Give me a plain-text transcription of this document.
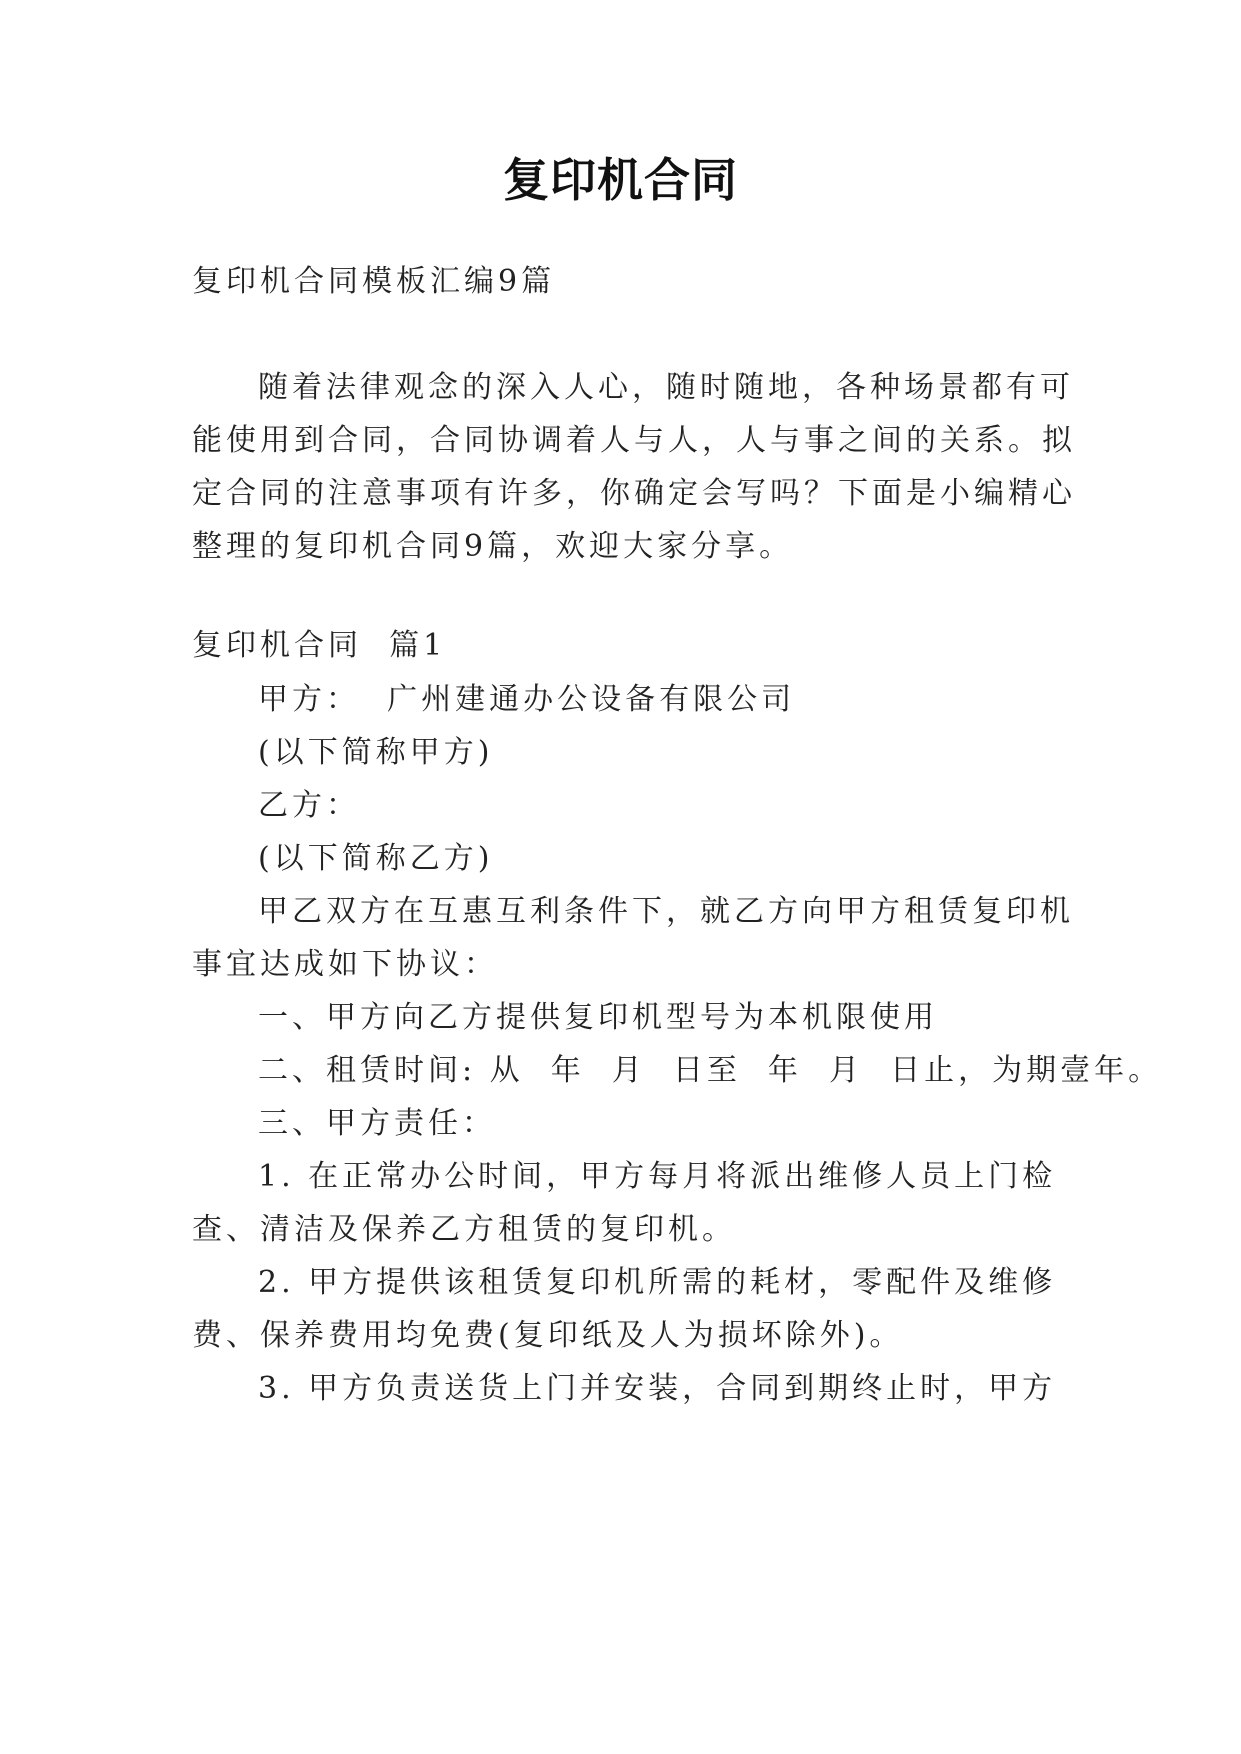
复印机合同

复印机合同模板汇编9篇

随着法律观念的深入人心，随时随地，各种场景都有可

能使用到合同，合同协调着人与人，人与事之间的关系。拟

定合同的注意事项有许多，你确定会写吗？下面是小编精心

整理的复印机合同9篇，欢迎大家分享。

复印机合同  篇1

甲方：  广州建通办公设备有限公司

(以下简称甲方)

乙方：

(以下简称乙方)

甲乙双方在互惠互利条件下，就乙方向甲方租赁复印机

事宜达成如下协议：

一、甲方向乙方提供复印机型号为本机限使用

二、租赁时间: 从  年  月  日至  年  月  日止，为期壹年。

三、甲方责任：

1. 在正常办公时间，甲方每月将派出维修人员上门检

查、清洁及保养乙方租赁的复印机。

2. 甲方提供该租赁复印机所需的耗材，零配件及维修

费、保养费用均免费(复印纸及人为损坏除外)。

3. 甲方负责送货上门并安装，合同到期终止时，甲方
